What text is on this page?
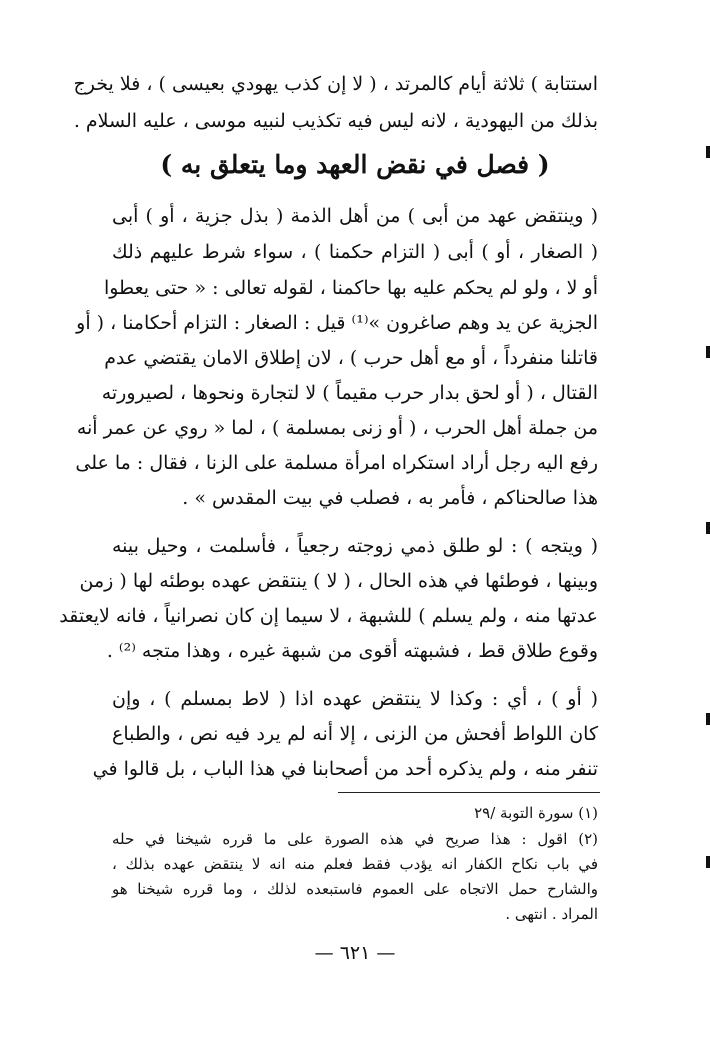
استتابة ) ثلاثة أيام كالمرتد ، ( لا إن كذب يهودي بعيسى ) ، فلا يخرج
بذلك من اليهودية ، لانه ليس فيه تكذيب لنبيه موسى ، عليه السلام .
( فصل في نقض العهد وما يتعلق به )
( وينتقض عهد من أبى ) من أهل الذمة ( بذل جزية ، أو ) أبى
( الصغار ، أو ) أبى ( التزام حكمنا ) ، سواء شرط عليهم ذلك
أو لا ، ولو لم يحكم عليه بها حاكمنا ، لقوله تعالى : « حتى يعطوا
الجزية عن يد وهم صاغرون »⁽¹⁾ قيل : الصغار : التزام أحكامنا ، ( أو
قاتلنا منفرداً ، أو مع أهل حرب ) ، لان إطلاق الامان يقتضي عدم
القتال ، ( أو لحق بدار حرب مقيماً ) لا لتجارة ونحوها ، لصيرورته
من جملة أهل الحرب ، ( أو زنى بمسلمة ) ، لما « روي عن عمر أنه
رفع اليه رجل أراد استكراه امرأة مسلمة على الزنا ، فقال : ما على
هذا صالحناكم ، فأمر به ، فصلب في بيت المقدس » .
( ويتجه ) : لو طلق ذمي زوجته رجعياً ، فأسلمت ، وحيل بينه
وبينها ، فوطئها في هذه الحال ، ( لا ) ينتقض عهده بوطئه لها ( زمن
عدتها منه ، ولم يسلم ) للشبهة ، لا سيما إن كان نصرانياً ، فانه لايعتقد
وقوع طلاق قط ، فشبهته أقوى من شبهة غيره ، وهذا متجه ⁽²⁾ .
( أو ) ، أي : وكذا لا ينتقض عهده اذا ( لاط بمسلم ) ، وإن
كان اللواط أفحش من الزنى ، إلا أنه لم يرد فيه نص ، والطباع
تنفر منه ، ولم يذكره أحد من أصحابنا في هذا الباب ، بل قالوا في
(١) سورة التوبة /٢٩
(٢) اقول : هذا صريح في هذه الصورة على ما قرره شيخنا في حله
في باب نكاح الكفار انه يؤدب فقط فعلم منه انه لا ينتقض عهده بذلك ،
والشارح حمل الاتجاه على العموم فاستبعده لذلك ، وما قرره شيخنا هو
المراد . انتهى .
— ٦٢١ —
